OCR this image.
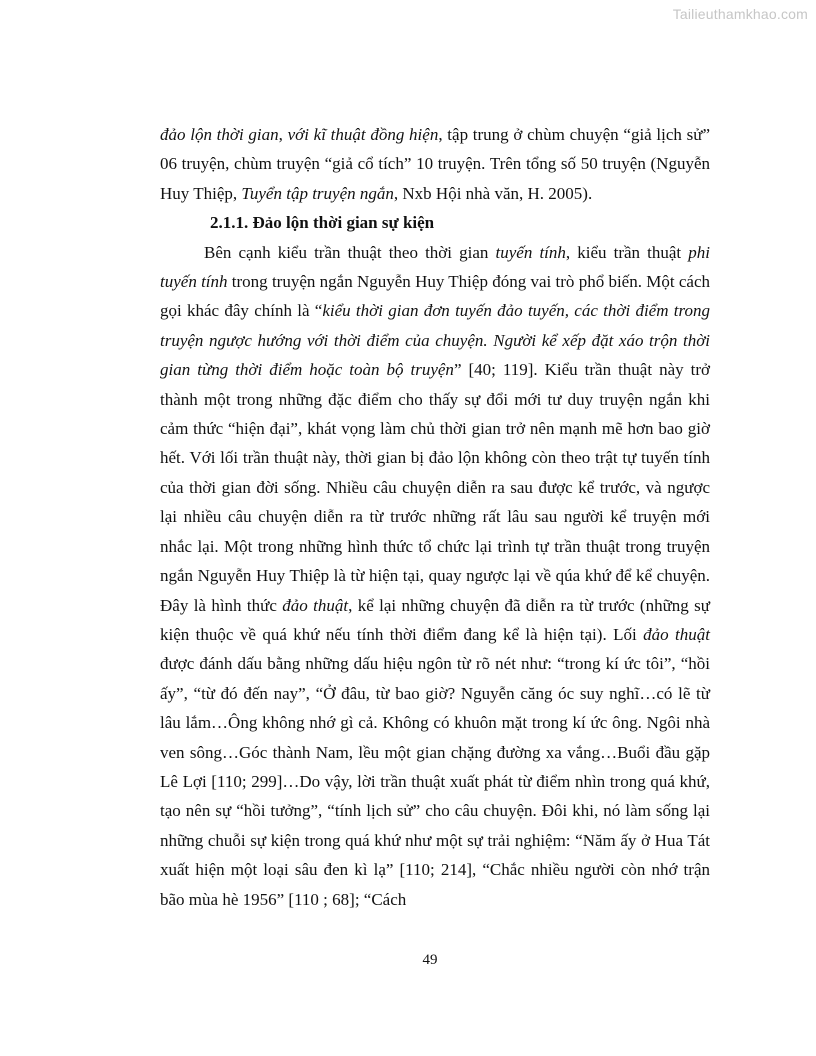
Tailieuthamkhao.com

đảo lộn thời gian, với kĩ thuật đồng hiện, tập trung ở chùm chuyện “giả lịch sử” 06 truyện, chùm truyện “giả cổ tích” 10 truyện. Trên tổng số 50 truyện (Nguyễn Huy Thiệp, Tuyển tập truyện ngắn, Nxb Hội nhà văn, H. 2005).

2.1.1. Đảo lộn thời gian sự kiện

Bên cạnh kiểu trần thuật theo thời gian tuyến tính, kiểu trần thuật phi tuyến tính trong truyện ngắn Nguyễn Huy Thiệp đóng vai trò phổ biến. Một cách gọi khác đây chính là “kiểu thời gian đơn tuyến đảo tuyến, các thời điểm trong truyện ngược hướng với thời điểm của chuyện. Người kể xếp đặt xáo trộn thời gian từng thời điểm hoặc toàn bộ truyện” [40; 119]. Kiểu trần thuật này trở thành một trong những đặc điểm cho thấy sự đổi mới tư duy truyện ngắn khi cảm thức “hiện đại”, khát vọng làm chủ thời gian trở nên mạnh mẽ hơn bao giờ hết. Với lối trần thuật này, thời gian bị đảo lộn không còn theo trật tự tuyến tính của thời gian đời sống. Nhiều câu chuyện diễn ra sau được kể trước, và ngược lại nhiều câu chuyện diễn ra từ trước những rất lâu sau người kể truyện mới nhắc lại. Một trong những hình thức tổ chức lại trình tự trần thuật trong truyện ngắn Nguyễn Huy Thiệp là từ hiện tại, quay ngược lại về qúa khứ để kể chuyện. Đây là hình thức đảo thuật, kể lại những chuyện đã diễn ra từ trước (những sự kiện thuộc về quá khứ nếu tính thời điểm đang kể là hiện tại). Lối đảo thuật được đánh dấu bằng những dấu hiệu ngôn từ rõ nét như: “trong kí ức tôi”, “hồi ấy”, “từ đó đến nay”, “Ở đâu, từ bao giờ? Nguyễn căng óc suy nghĩ…có lẽ từ lâu lắm…Ông không nhớ gì cả. Không có khuôn mặt trong kí ức ông. Ngôi nhà ven sông…Góc thành Nam, lều một gian chặng đường xa vắng…Buổi đầu gặp Lê Lợi [110; 299]…Do vậy, lời trần thuật xuất phát từ điểm nhìn trong quá khứ, tạo nên sự “hồi tưởng”, “tính lịch sử” cho câu chuyện. Đôi khi, nó làm sống lại những chuỗi sự kiện trong quá khứ như một sự trải nghiệm: “Năm ấy ở Hua Tát xuất hiện một loại sâu đen kì lạ” [110; 214], “Chắc nhiều người còn nhớ trận bão mùa hè 1956” [110 ; 68]; “Cách

49
